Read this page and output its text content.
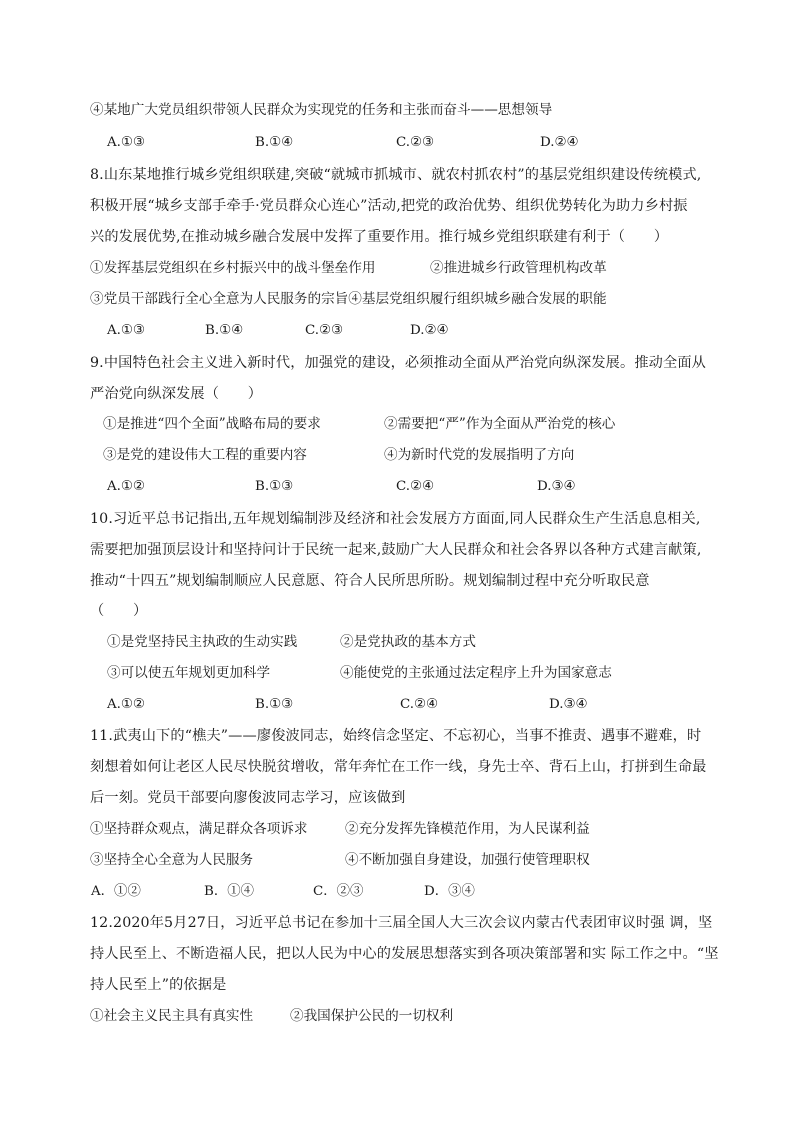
④某地广大党员组织带领人民群众为实现党的任务和主张而奋斗——思想领导
A.①③	B.①④	C.②③	D.②④
8.山东某地推行城乡党组织联建,突破“就城市抓城市、就农村抓农村”的基层党组织建设传统模式,
积极开展“城乡支部手牵手·党员群众心连心”活动,把党的政治优势、组织优势转化为助力乡村振
兴的发展优势,在推动城乡融合发展中发挥了重要作用。推行城乡党组织联建有利于（　　）
①发挥基层党组织在乡村振兴中的战斗堡垒作用	②推进城乡行政管理机构改革
③党员干部践行全心全意为人民服务的宗旨④基层党组织履行组织城乡融合发展的职能
A.①③	B.①④	C.②③	D.②④
9.中国特色社会主义进入新时代，加强党的建设，必须推动全面从严治党向纵深发展。推动全面从
严治党向纵深发展（　　）
①是推进“四个全面”战略布局的要求	②需要把“严”作为全面从严治党的核心
③是党的建设伟大工程的重要内容	④为新时代党的发展指明了方向
A.①②	B.①③	C.②④	D.③④
10.习近平总书记指出,五年规划编制涉及经济和社会发展方方面面,同人民群众生产生活息息相关,
需要把加强顶层设计和坚持问计于民统一起来,鼓励广大人民群众和社会各界以各种方式建言献策,
推动“十四五”规划编制顺应人民意愿、符合人民所思所盼。规划编制过程中充分听取民意
（　　）
①是党坚持民主执政的生动实践	②是党执政的基本方式
③可以使五年规划更加科学	④能使党的主张通过法定程序上升为国家意志
A.①②	B.①③	C.②④	D.③④
11.武夷山下的“樵夫”——廖俊波同志，始终信念坚定、不忘初心，当事不推责、遇事不避难，时
刻想着如何让老区人民尽快脱贫增收，常年奔忙在工作一线，身先士卒、背石上山，打拼到生命最
后一刻。党员干部要向廖俊波同志学习，应该做到
①坚持群众观点，满足群众各项诉求	②充分发挥先锋模范作用，为人民谋利益
③坚持全心全意为人民服务	④不断加强自身建设，加强行使管理职权
A．①②	B．①④	C．②③	D．③④
12.2020年5月27日，习近平总书记在参加十三届全国人大三次会议内蒙古代表团审议时强 调，坚
持人民至上、不断造福人民，把以人民为中心的发展思想落实到各项决策部署和实 际工作之中。“坚
持人民至上”的依据是
①社会主义民主具有真实性	②我国保护公民的一切权利
